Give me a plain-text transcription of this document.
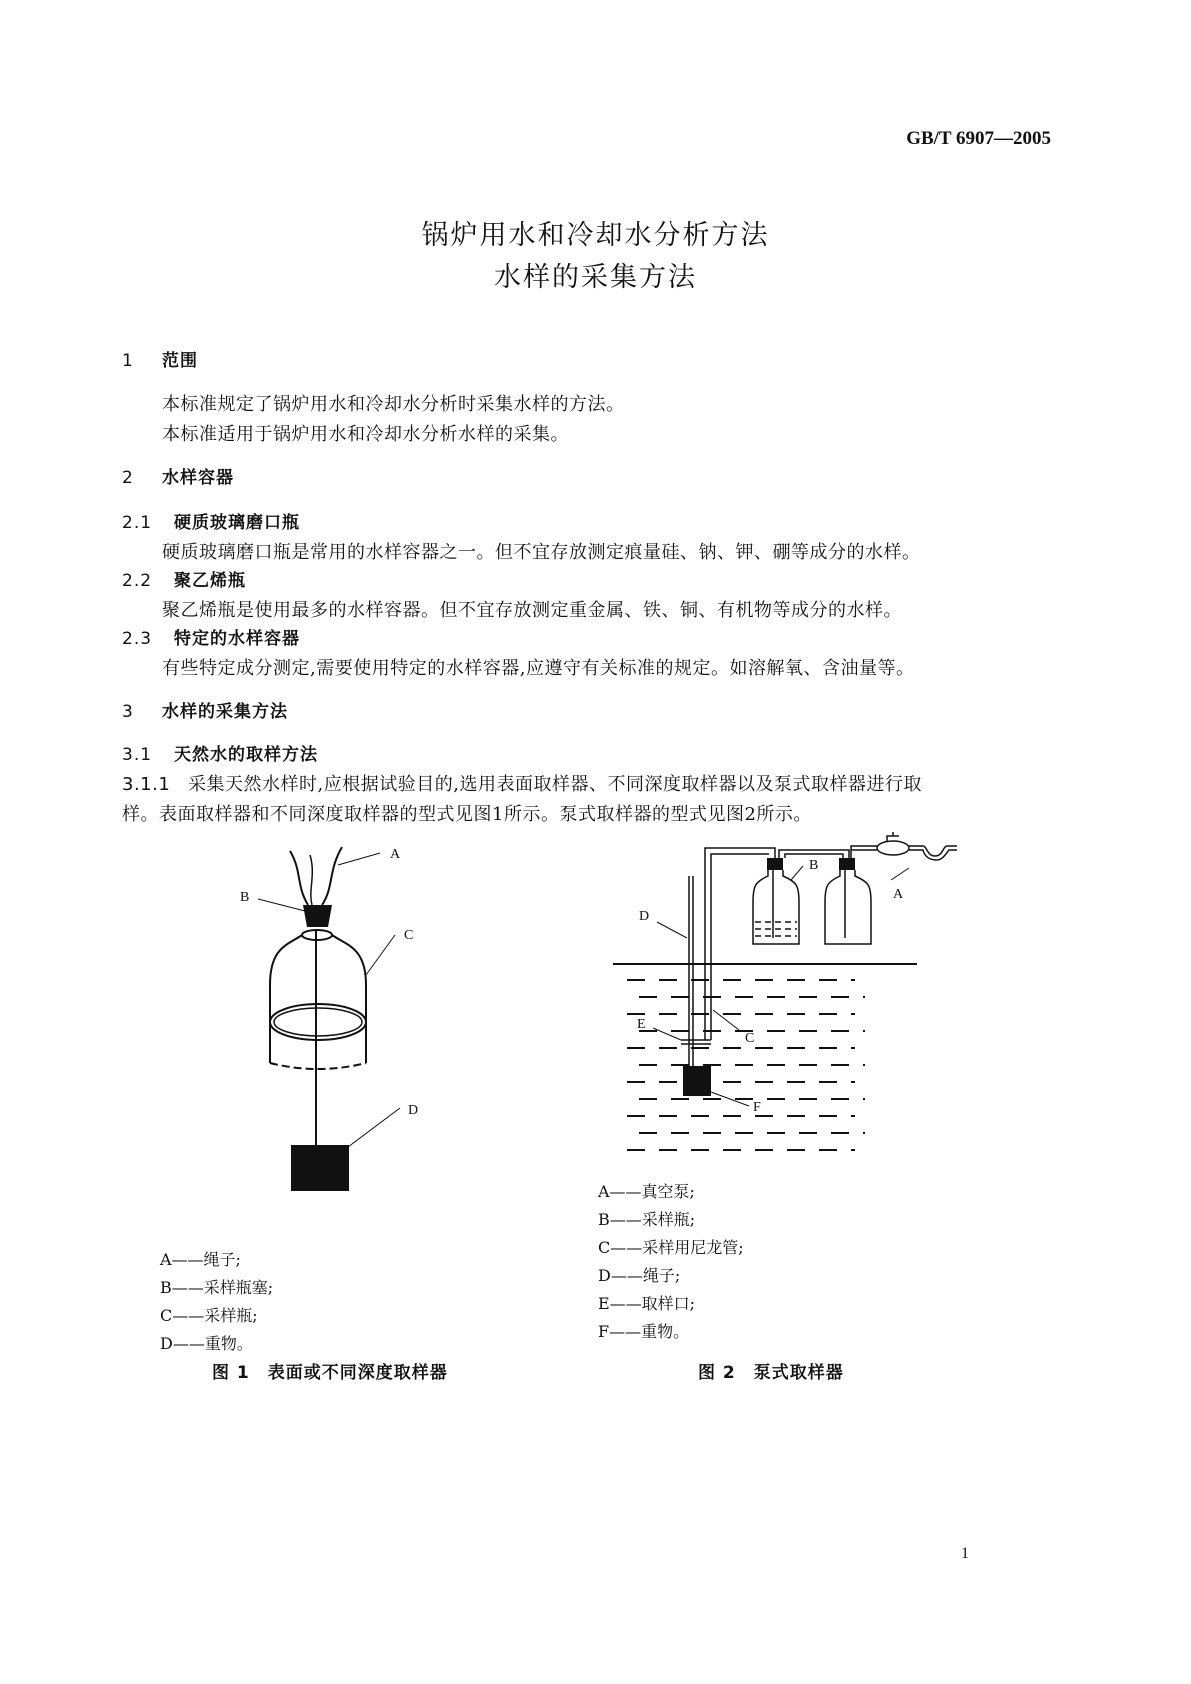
GB/T 6907—2005
锅炉用水和冷却水分析方法
水样的采集方法
1 范围
本标准规定了锅炉用水和冷却水分析时采集水样的方法。
本标准适用于锅炉用水和冷却水分析水样的采集。
2 水样容器
2.1 硬质玻璃磨口瓶
硬质玻璃磨口瓶是常用的水样容器之一。但不宜存放测定痕量硅、钠、钾、硼等成分的水样。
2.2 聚乙烯瓶
聚乙烯瓶是使用最多的水样容器。但不宜存放测定重金属、铁、铜、有机物等成分的水样。
2.3 特定的水样容器
有些特定成分测定,需要使用特定的水样容器,应遵守有关标准的规定。如溶解氧、含油量等。
3 水样的采集方法
3.1 天然水的取样方法
3.1.1 采集天然水样时,应根据试验目的,选用表面取样器、不同深度取样器以及泵式取样器进行取
样。表面取样器和不同深度取样器的型式见图1所示。泵式取样器的型式见图2所示。
A
B
C
D
B
A
D
E
C
F
A——真空泵;
B——采样瓶;
C——采样用尼龙管;
D——绳子;
E——取样口;
F——重物。
A——绳子;
B——采样瓶塞;
C——采样瓶;
D——重物。
图 1　表面或不同深度取样器	图 2　泵式取样器
1
